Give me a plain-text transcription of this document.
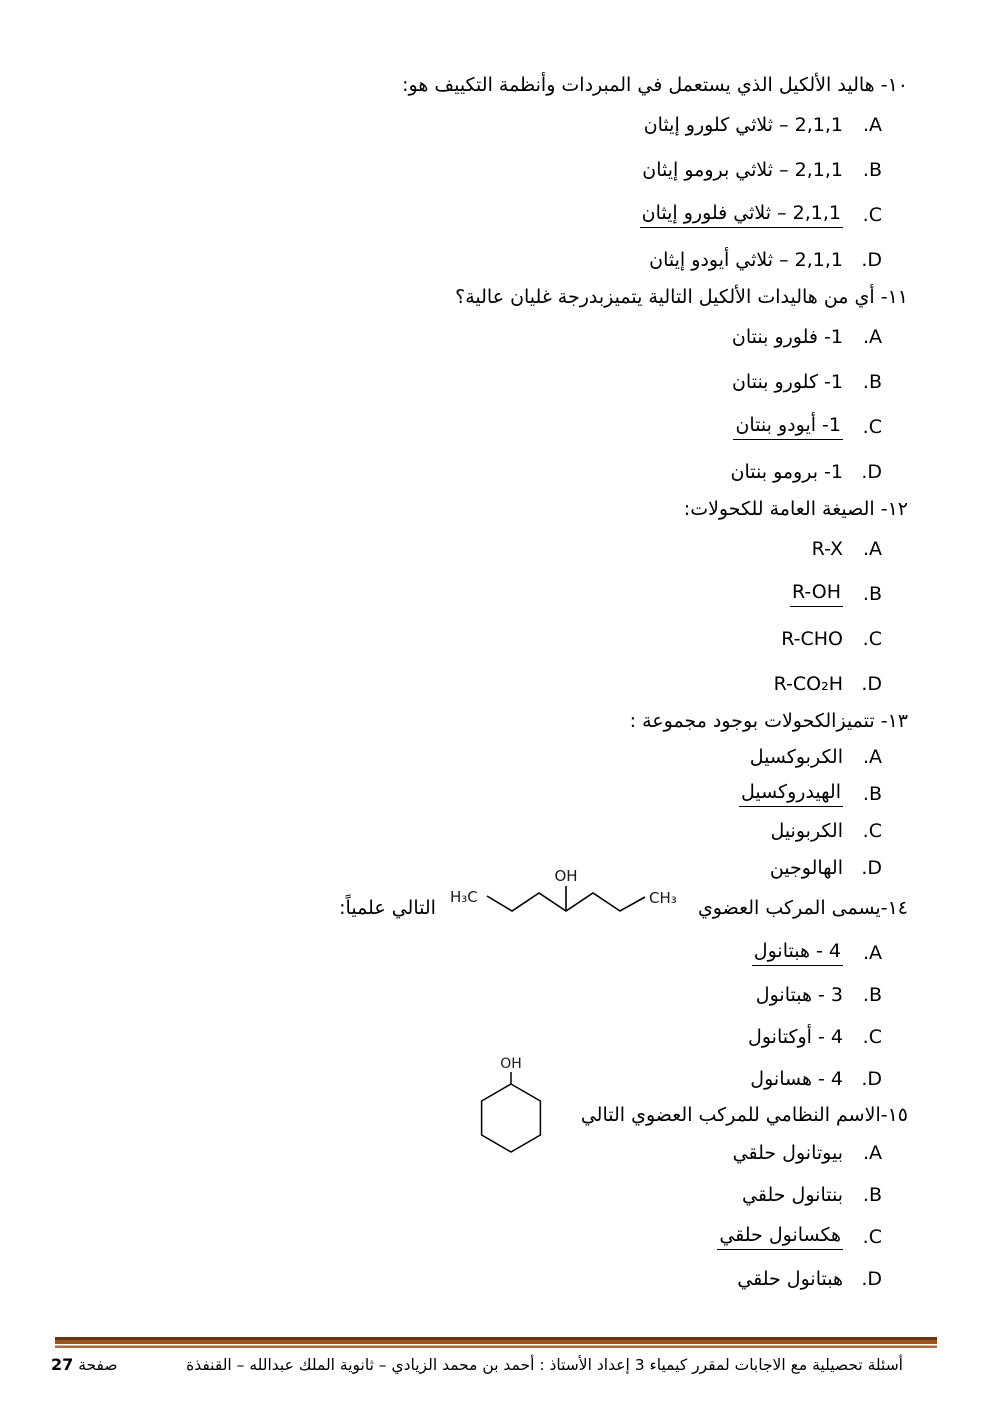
١٠- هاليد الألكيل الذي يستعمل في المبردات وأنظمة التكييف هو:
A.
2,1,1 – ثلاثي كلورو إيثان
B.
2,1,1 – ثلاثي برومو إيثان
C.
2,1,1 – ثلاثي فلورو إيثان
D.
2,1,1 – ثلاثي أيودو إيثان
١١- أي من هاليدات الألكيل التالية يتميزبدرجة غليان عالية؟
A.
1- فلورو بنتان
B.
1- كلورو بنتان
C.
1- أيودو بنتان
D.
1- برومو بنتان
١٢- الصيغة العامة للكحولات:
A.
R-X
B.
R-OH
C.
R-CHO
D.
R-CO₂H
١٣- تتميزالكحولات بوجود مجموعة :
A.
الكربوكسيل
B.
الهيدروكسيل
C.
الكربونيل
D.
الهالوجين
١٤-يسمى المركب العضوي
H₃C
OH
CH₃
التالي علمياً:
A.
4 - هبتانول
B.
3 - هبتانول
C.
4 - أوكتانول
D.
4 - هسانول
١٥-الاسم النظامي للمركب العضوي التالي
OH
A.
بيوتانول حلقي
B.
بنتانول حلقي
C.
هكسانول حلقي
D.
هبتانول حلقي
أسئلة تحصيلية مع الاجابات لمقرر كيمياء 3 إعداد الأستاذ : أحمد بن محمد الزيادي – ثانوية الملك عبدالله – القنفذة
صفحة 27
